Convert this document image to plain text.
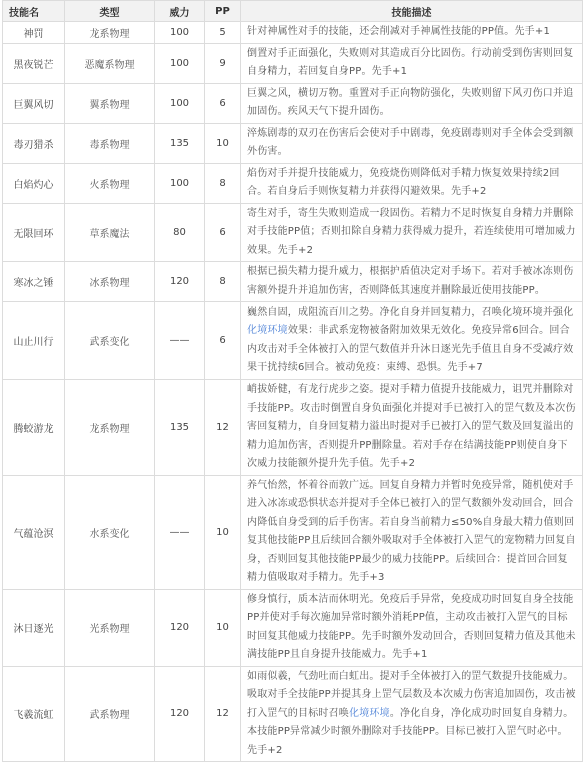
技能名	类型	威力	PP	技能描述
神罚	龙系物理	100	5	针对神属性对手的技能，还会削减对手神属性技能的PP值。先手+1
黑夜锐芒	恶魔系物理	100	9	倒置对手正面强化，失败则对其造成百分比固伤。行动前受到伤害则回复自身精力，若回复自身PP。先手+1
巨翼风切	翼系物理	100	6	巨翼之风，横切万物。重置对手正向物防强化，失败则留下风刃伤口并追加固伤。疾风天气下提升固伤。
毒刃猎杀	毒系物理	135	10	淬炼剧毒的双刃在伤害后会使对手中剧毒，免疫剧毒则对手全体会受到额外伤害。
白焰灼心	火系物理	100	8	焰伤对手并提升技能威力，免疫烧伤则降低对手精力恢复效果持续2回合。若自身后手则恢复精力并获得闪避效果。先手+2
无限回环	草系魔法	80	6	寄生对手，寄生失败则造成一段固伤。若精力不足时恢复自身精力并删除对手技能PP值；否则扣除自身精力获得威力提升，若连续使用可增加威力效果。先手+2
寒冰之锤	冰系物理	120	8	根据已损失精力提升威力，根据护盾值决定对手场下。若对手被冰冻则伤害额外提升并追加伤害，否则降低其速度并删除最近使用技能PP。
山止川行	武系变化	——	6	巍然自固，成阻流百川之势。净化自身并回复精力，召唤化境环境并强化化境环境效果：非武系宠物被备附加效果无效化。免疫异常6回合。回合内攻击对手全体被打入的罡气数值并升沐日逐光先手值且自身不受减疗效果干扰持续6回合。被动免疫：束缚、恐惧。先手+7
腾蛟游龙	龙系物理	135	12	峭拔娇健，有龙行虎步之姿。提对手精力值提升技能威力，诅咒并删除对手技能PP。攻击时倒置自身负面强化并提对手已被打入的罡气数及本次伤害回复精力，自身回复精力溢出时提对手已被打入的罡气数及回复溢出的精力追加伤害，否则提升PP删除量。若对手存在结满技能PP则使自身下次威力技能额外提升先手值。先手+2
气蕴沧溟	水系变化	——	10	养气怡然，怀着谷而敦广远。回复自身精力并暂时免疫异常，随机使对手进入冰冻或恐惧状态并提对手全体已被打入的罡气数额外发动回合，回合内降低自身受到的后手伤害。若自身当前精力≤50%自身最大精力值则回复其他技能PP且后续回合额外吸取对手全体被打入罡气的宠物精力回复自身，否则回复其他技能PP最少的威力技能PP。后续回合：提首回合回复精力值吸取对手精力。先手+3
沐日逐光	光系物理	120	10	修身慎行，质本洁而休明光。免疫后手异常，免疫成功时回复自身全技能PP并使对手每次施加异常时额外消耗PP值，主动攻击被打入罡气的目标时回复其他威力技能PP。先手时额外发动回合，否则回复精力值及其他未满技能PP且自身提升技能威力。先手+1
飞羲流虹	武系物理	120	12	如雨似羲，气劲吐而白虹出。提对手全体被打入的罡气数提升技能威力。吸取对手全技能PP并提其身上罡气层数及本次威力伤害追加固伤，攻击被打入罡气的目标时召唤化境环境。净化自身，净化成功时回复自身精力。本技能PP异常减少时额外删除对手技能PP。目标已被打入罡气时必中。先手+2
